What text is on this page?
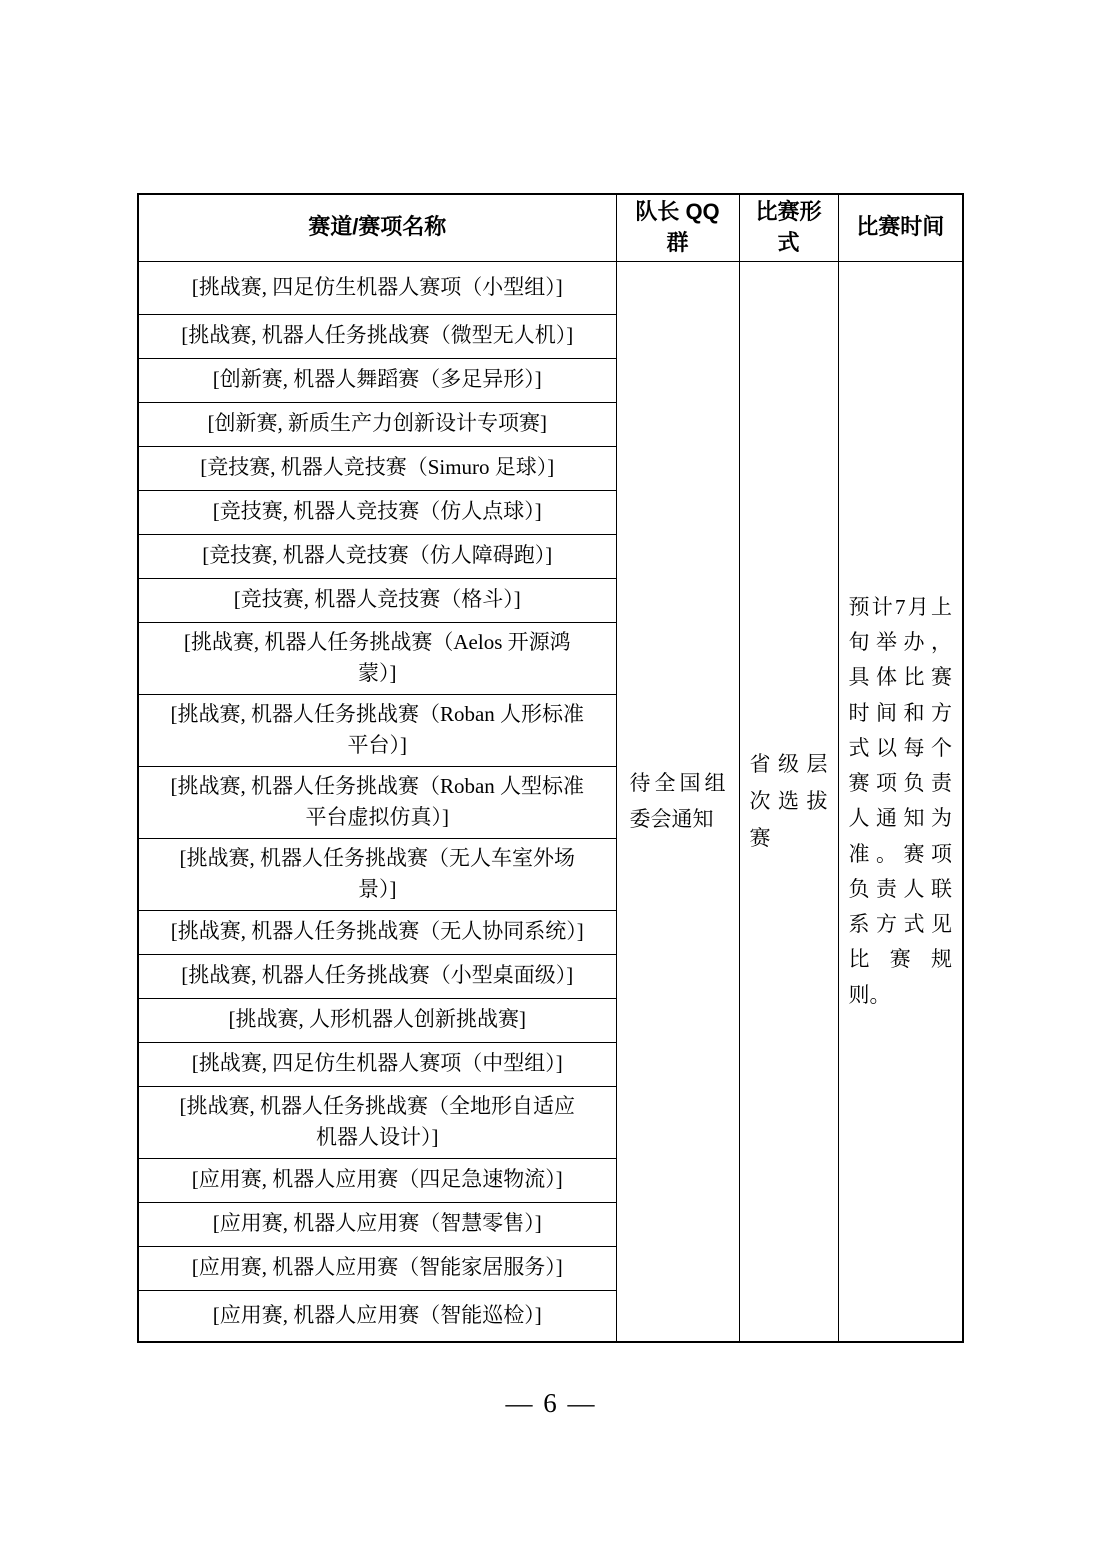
赛道/赛项名称	队长 QQ 群	比赛形式	比赛时间
[挑战赛, 四足仿生机器人赛项（小型组）]	待全国组委会通知	省级层次选拔赛	预计7月上旬举办，具体比赛时间和方式以每个赛项负责人通知为准。赛项负责人联系方式见比赛规则。
[挑战赛, 机器人任务挑战赛（微型无人机）]			
[创新赛, 机器人舞蹈赛（多足异形）]			
[创新赛, 新质生产力创新设计专项赛]			
[竞技赛, 机器人竞技赛（Simuro 足球）]			
[竞技赛, 机器人竞技赛（仿人点球）]			
[竞技赛, 机器人竞技赛（仿人障碍跑）]			
[竞技赛, 机器人竞技赛（格斗）]			
[挑战赛, 机器人任务挑战赛（Aelos 开源鸿蒙）]			
[挑战赛, 机器人任务挑战赛（Roban 人形标准平台）]			
[挑战赛, 机器人任务挑战赛（Roban 人型标准平台虚拟仿真）]			
[挑战赛, 机器人任务挑战赛（无人车室外场景）]			
[挑战赛, 机器人任务挑战赛（无人协同系统）]			
[挑战赛, 机器人任务挑战赛（小型桌面级）]			
[挑战赛, 人形机器人创新挑战赛]			
[挑战赛, 四足仿生机器人赛项（中型组）]			
[挑战赛, 机器人任务挑战赛（全地形自适应机器人设计）]			
[应用赛, 机器人应用赛（四足急速物流）]			
[应用赛, 机器人应用赛（智慧零售）]			
[应用赛, 机器人应用赛（智能家居服务）]			
[应用赛, 机器人应用赛（智能巡检）]			
— 6 —
